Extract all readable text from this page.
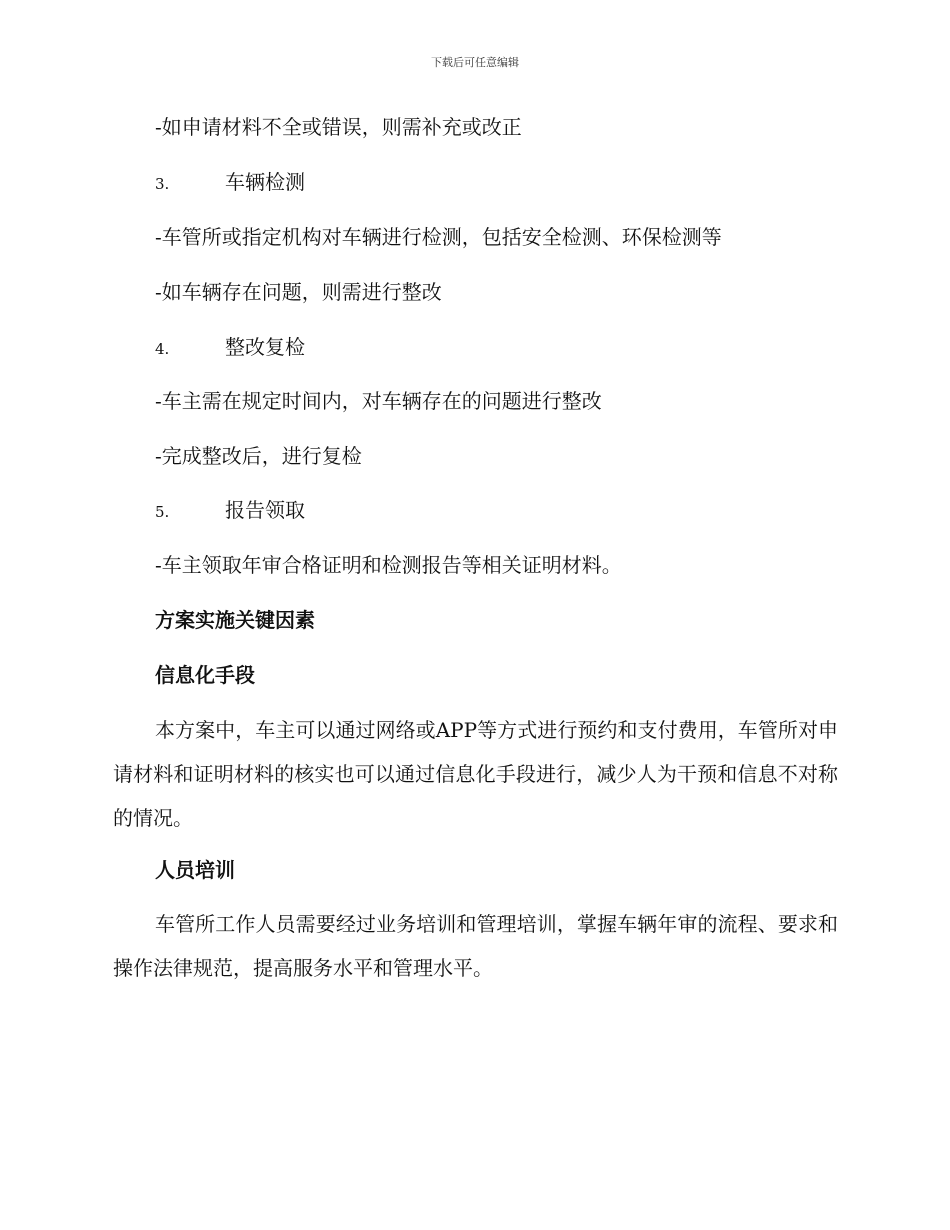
下载后可任意编辑
-如申请材料不全或错误，则需补充或改正
3.	车辆检测
-车管所或指定机构对车辆进行检测，包括安全检测、环保检测等
-如车辆存在问题，则需进行整改
4.	整改复检
-车主需在规定时间内，对车辆存在的问题进行整改
-完成整改后，进行复检
5.	报告领取
-车主领取年审合格证明和检测报告等相关证明材料。
方案实施关键因素
信息化手段
本方案中，车主可以通过网络或APP等方式进行预约和支付费用，车管所对申请材料和证明材料的核实也可以通过信息化手段进行，减少人为干预和信息不对称的情况。
人员培训
车管所工作人员需要经过业务培训和管理培训，掌握车辆年审的流程、要求和操作法律规范，提高服务水平和管理水平。
